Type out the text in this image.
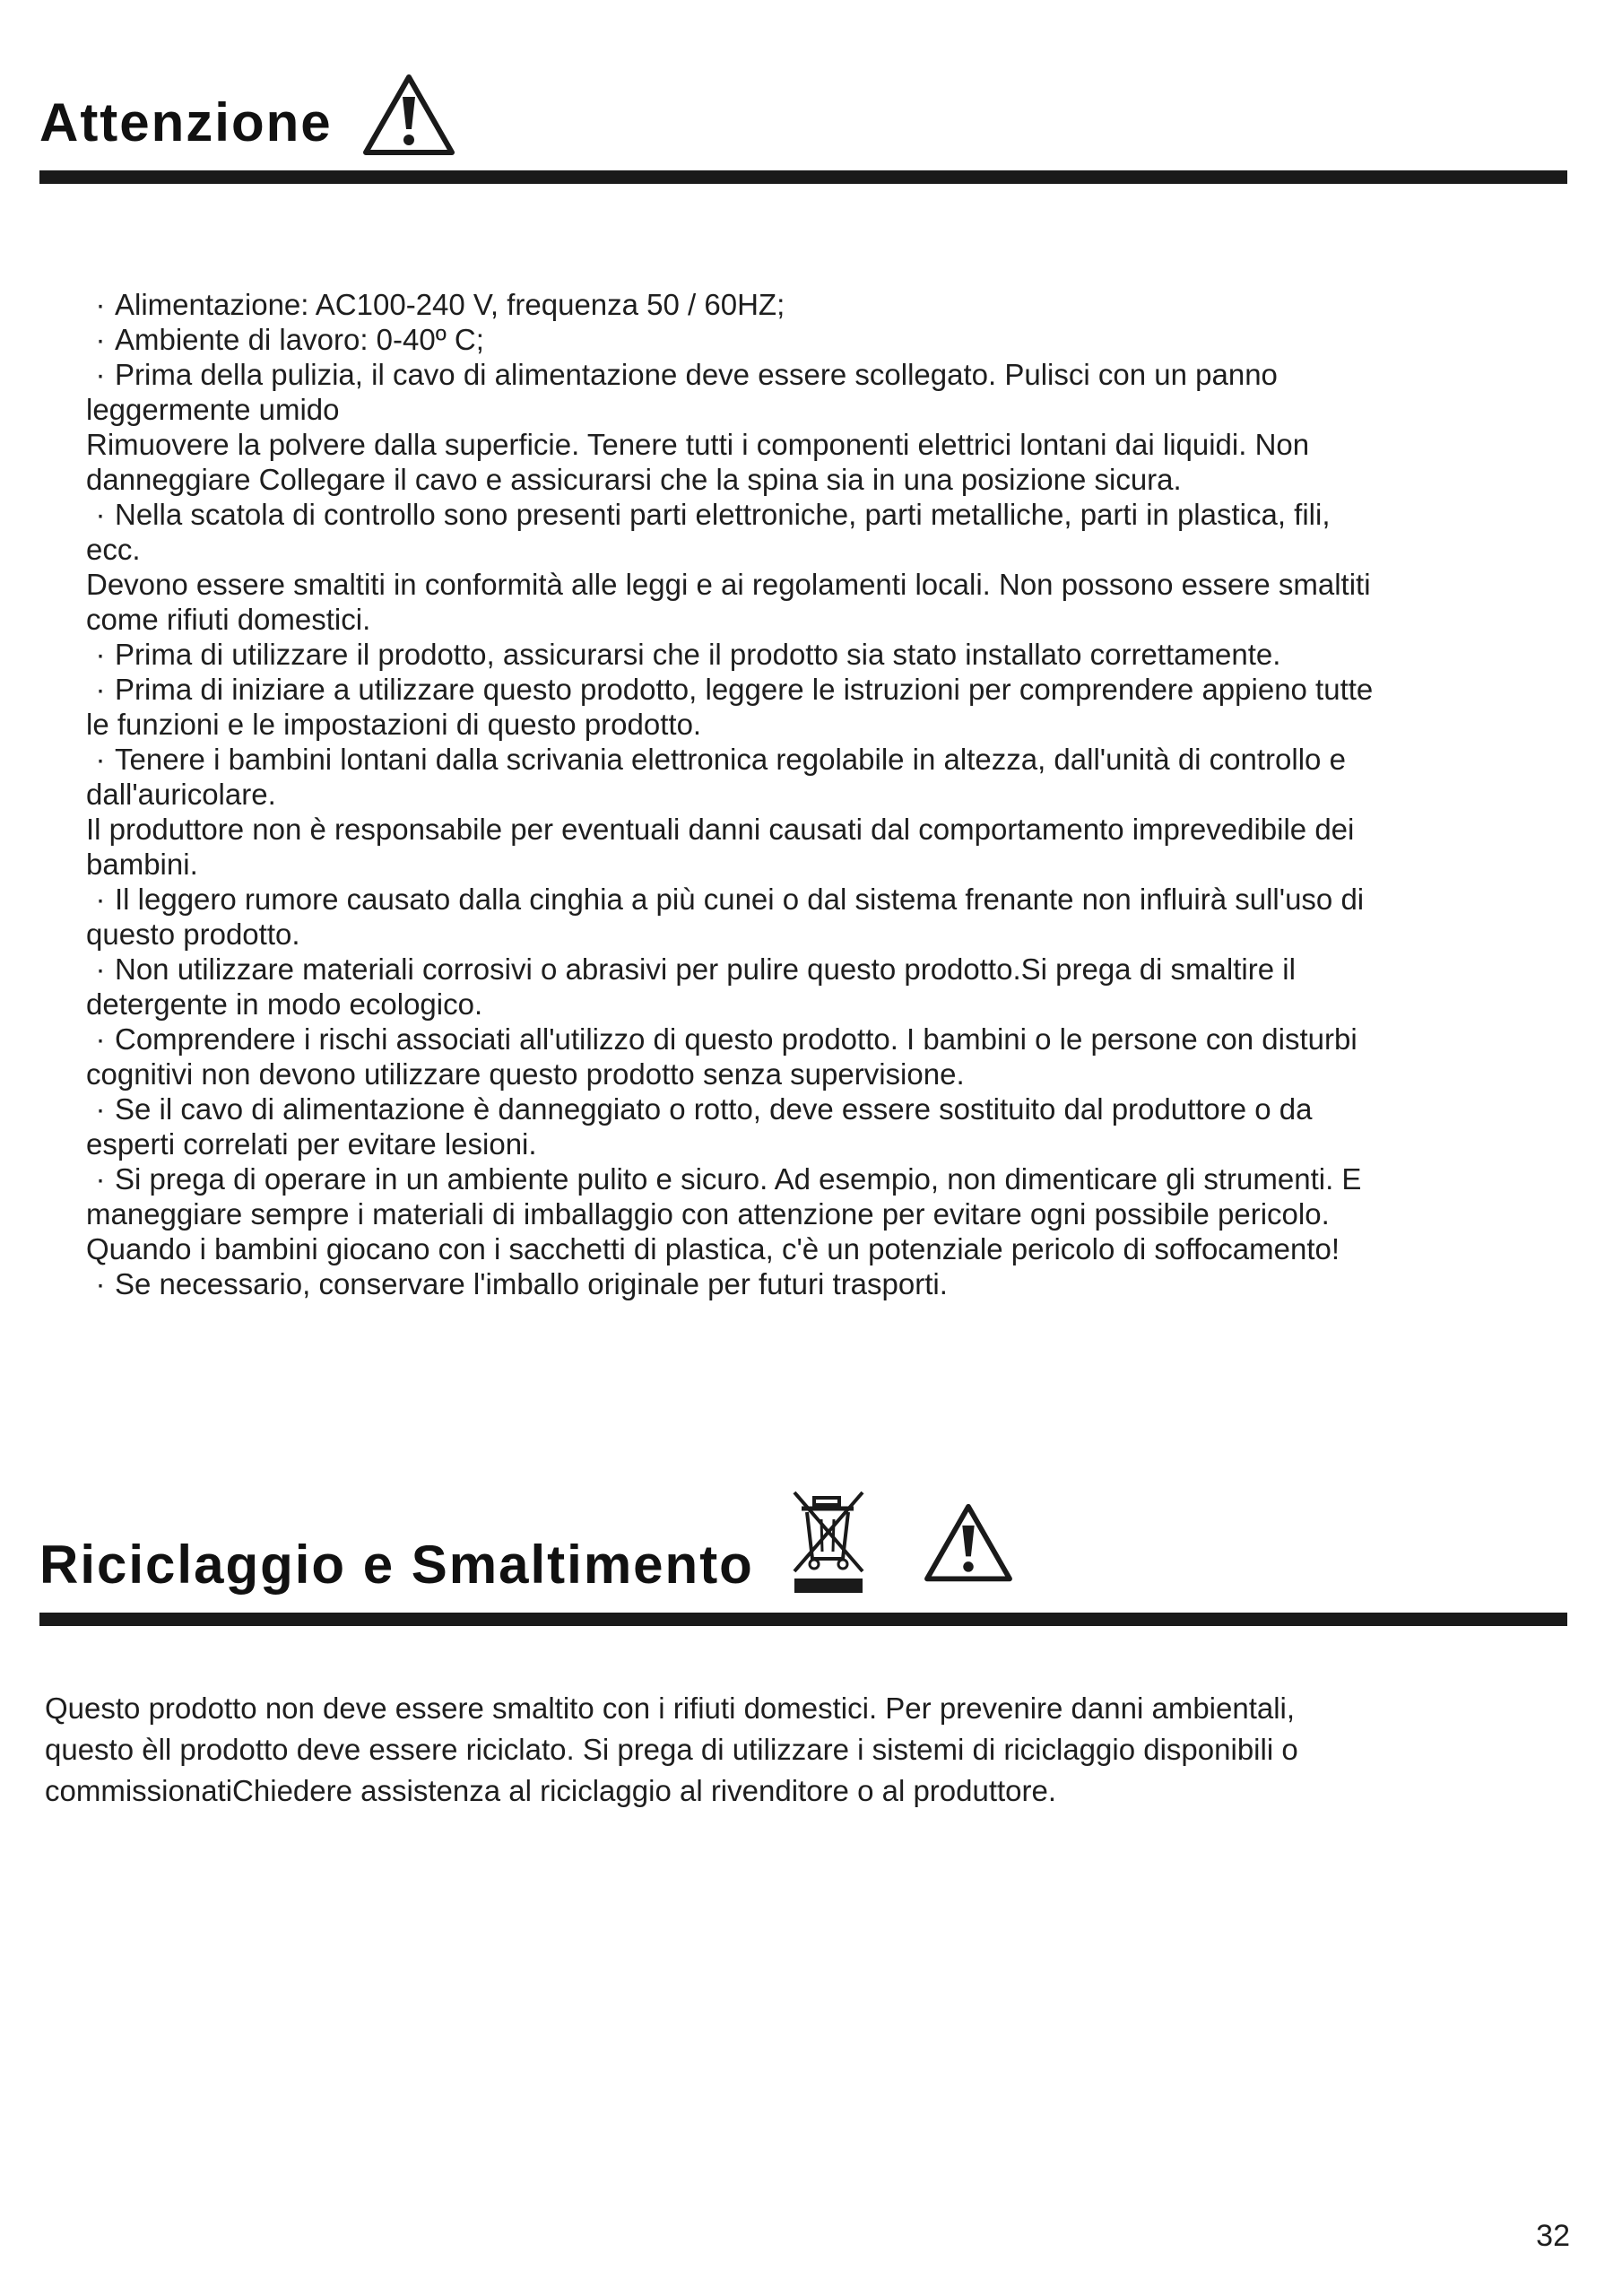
Attenzione

· Alimentazione: AC100-240 V, frequenza 50 / 60HZ;

· Ambiente di lavoro: 0-40º C;

· Prima della pulizia, il cavo di alimentazione deve essere scollegato. Pulisci con un panno

leggermente umido

Rimuovere la polvere dalla superficie. Tenere tutti i componenti elettrici lontani dai liquidi. Non

danneggiare Collegare il cavo e assicurarsi che la spina sia in una posizione sicura.

· Nella scatola di controllo sono presenti parti elettroniche, parti metalliche, parti in plastica, fili,

ecc.

Devono essere smaltiti in conformità alle leggi e ai regolamenti locali. Non possono essere smaltiti

come rifiuti domestici.

· Prima di utilizzare il prodotto, assicurarsi che il prodotto sia stato installato correttamente.

· Prima di iniziare a utilizzare questo prodotto, leggere le istruzioni per comprendere appieno tutte

le funzioni e le impostazioni di questo prodotto.

· Tenere i bambini lontani dalla scrivania elettronica regolabile in altezza, dall'unità di controllo e

dall'auricolare.

Il produttore non è responsabile per eventuali danni causati dal comportamento imprevedibile dei

bambini.

· Il leggero rumore causato dalla cinghia a più cunei o dal sistema frenante non influirà sull'uso di

questo prodotto.

· Non utilizzare materiali corrosivi o abrasivi per pulire questo prodotto.Si prega di smaltire il

detergente in modo ecologico.

· Comprendere i rischi associati all'utilizzo di questo prodotto. I bambini o le persone con disturbi

cognitivi non devono utilizzare questo prodotto senza supervisione.

· Se il cavo di alimentazione è danneggiato o rotto, deve essere sostituito dal produttore o da

esperti correlati per evitare lesioni.

· Si prega di operare in un ambiente pulito e sicuro. Ad esempio, non dimenticare gli strumenti. E

maneggiare sempre i materiali di imballaggio con attenzione per evitare ogni possibile pericolo.

Quando i bambini giocano con i sacchetti di plastica, c'è un potenziale pericolo di soffocamento!

· Se necessario, conservare l'imballo originale per futuri trasporti.

Riciclaggio e Smaltimento

Questo prodotto non deve essere smaltito con i rifiuti domestici. Per prevenire danni ambientali,

questo èll prodotto deve essere riciclato. Si prega di utilizzare i sistemi di riciclaggio disponibili o

commissionatiChiedere assistenza al riciclaggio al rivenditore o al produttore.

32
